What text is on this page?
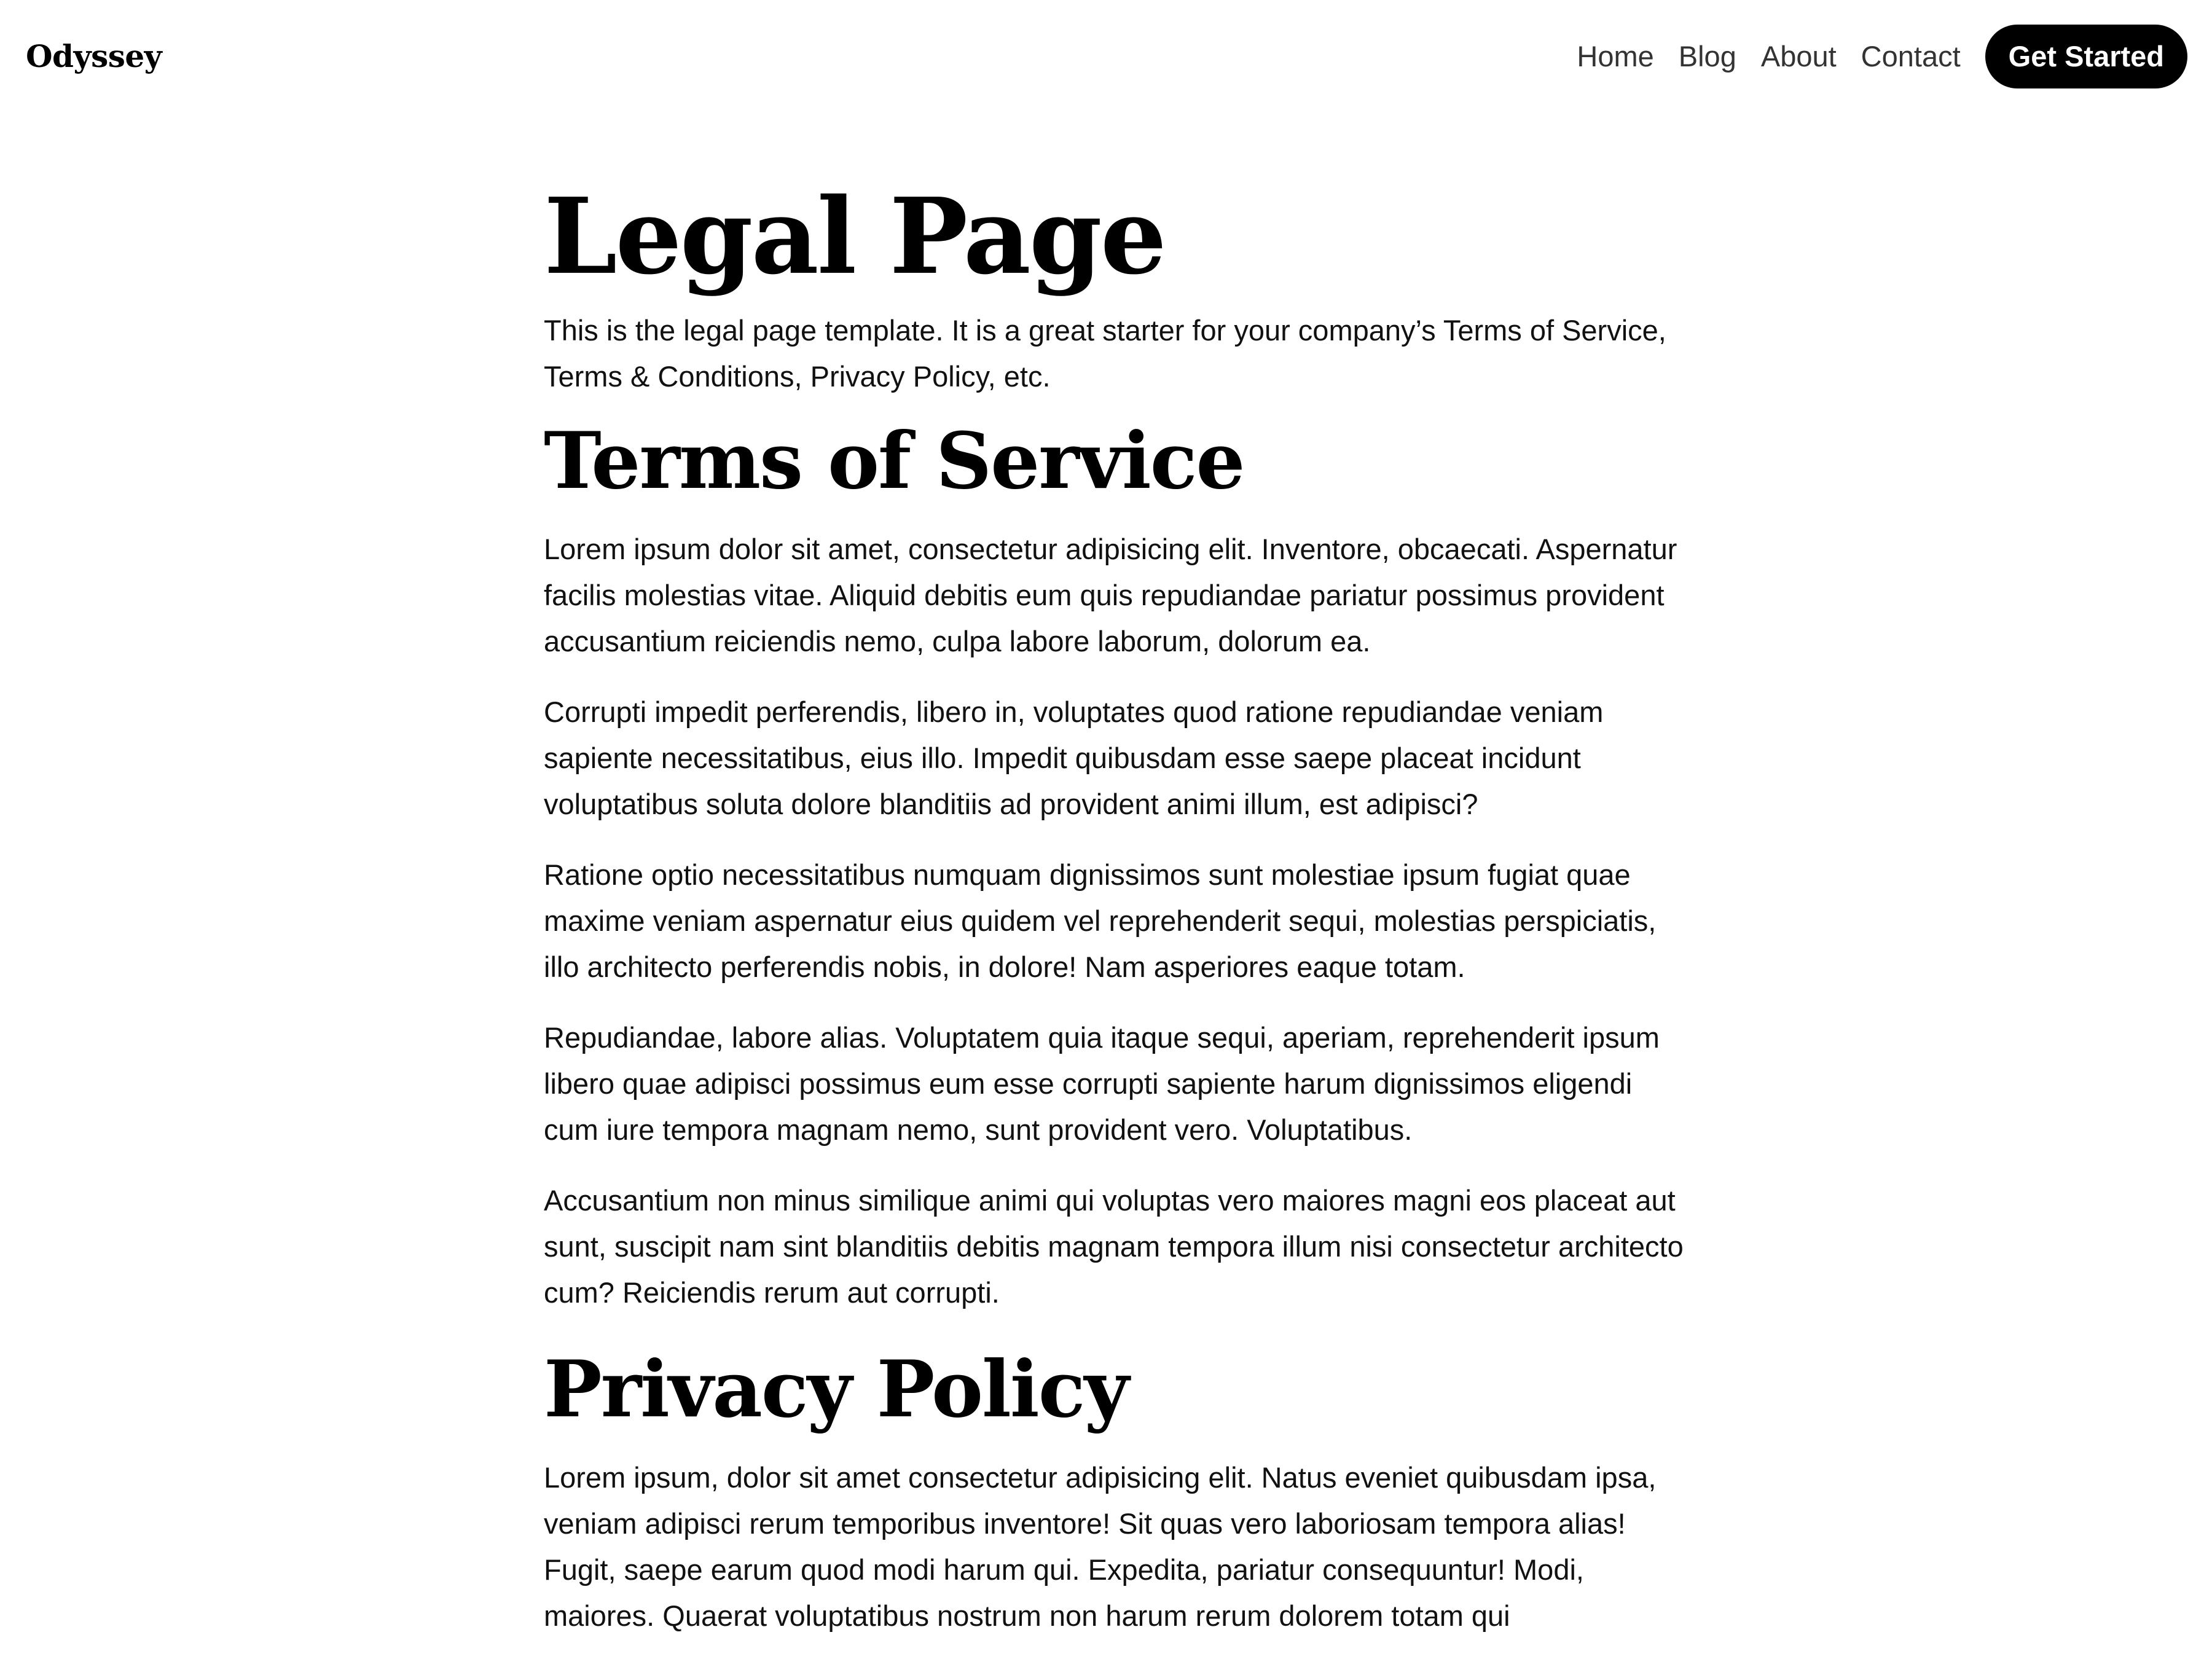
Odyssey	Home Blog About Contact	Get Started
Legal Page

This is the legal page template. It is a great starter for your company’s Terms of Service, Terms & Conditions, Privacy Policy, etc.

Terms of Service

Lorem ipsum dolor sit amet, consectetur adipisicing elit. Inventore, obcaecati. Aspernatur facilis molestias vitae. Aliquid debitis eum quis repudiandae pariatur possimus provident accusantium reiciendis nemo, culpa labore laborum, dolorum ea.

Corrupti impedit perferendis, libero in, voluptates quod ratione repudiandae veniam sapiente necessitatibus, eius illo. Impedit quibusdam esse saepe placeat incidunt voluptatibus soluta dolore blanditiis ad provident animi illum, est adipisci?

Ratione optio necessitatibus numquam dignissimos sunt molestiae ipsum fugiat quae maxime veniam aspernatur eius quidem vel reprehenderit sequi, molestias perspiciatis, illo architecto perferendis nobis, in dolore! Nam asperiores eaque totam.

Repudiandae, labore alias. Voluptatem quia itaque sequi, aperiam, reprehenderit ipsum libero quae adipisci possimus eum esse corrupti sapiente harum dignissimos eligendi cum iure tempora magnam nemo, sunt provident vero. Voluptatibus.

Accusantium non minus similique animi qui voluptas vero maiores magni eos placeat aut sunt, suscipit nam sint blanditiis debitis magnam tempora illum nisi consectetur architecto cum? Reiciendis rerum aut corrupti.

Privacy Policy

Lorem ipsum, dolor sit amet consectetur adipisicing elit. Natus eveniet quibusdam ipsa, veniam adipisci rerum temporibus inventore! Sit quas vero laboriosam tempora alias! Fugit, saepe earum quod modi harum qui. Expedita, pariatur consequuntur! Modi, maiores. Quaerat voluptatibus nostrum non harum rerum dolorem totam qui
